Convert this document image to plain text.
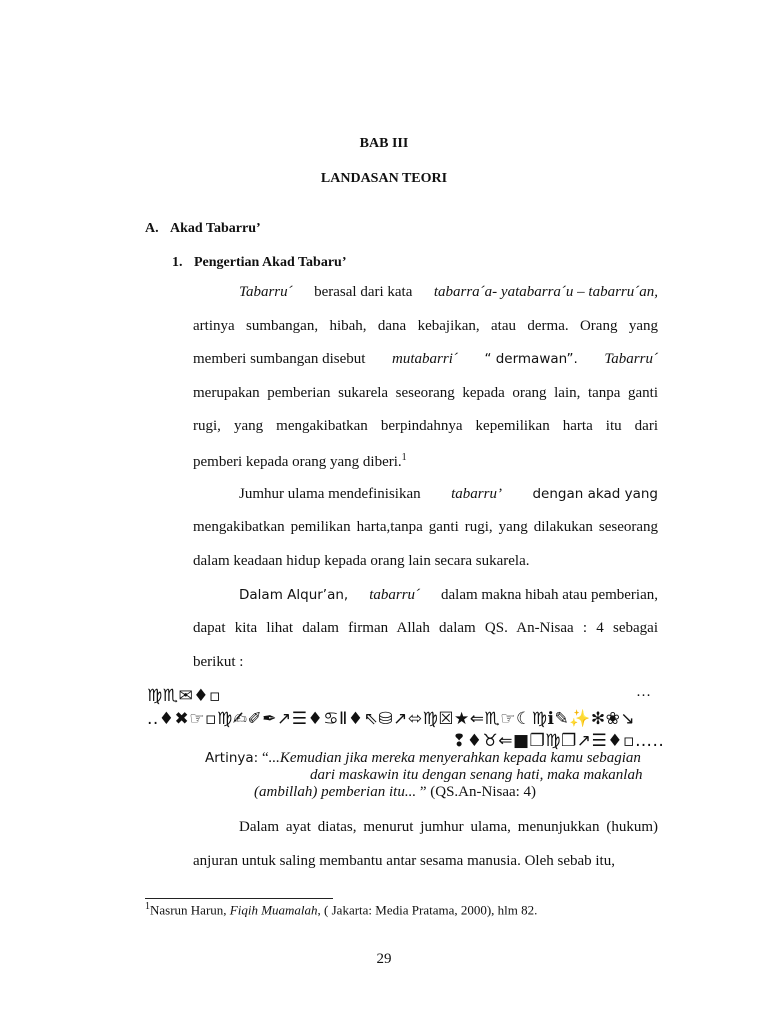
BAB III
LANDASAN TEORI
A. Akad Tabarru’
1. Pengertian Akad Tabaru’
Tabarru´ berasal dari kata tabarra´a- yatabarra´u – tabarru´an,
artinya sumbangan, hibah, dana kebajikan, atau derma. Orang yang
memberi sumbangan disebut mutabarri´ “ dermawan”. Tabarru´
merupakan pemberian sukarela seseorang kepada orang lain, tanpa ganti
rugi, yang mengakibatkan berpindahnya kepemilikan harta itu dari
pemberi kepada orang yang diberi.$^1$
Jumhur ulama mendefinisikan tabarru’ dengan akad yang
mengakibatkan pemilikan harta,tanpa ganti rugi, yang dilakukan seseorang
dalam keadaan hidup kepada orang lain secara sukarela.
Dalam Alqur’an, tabarru´ dalam makna hibah atau pemberian,
dapat kita lihat dalam firman Allah dalam QS. An-Nisaa : 4 sebagai
berikut :
♍♏✉♦▫	…
..♦✖☞▫♍✍✐✒↗☰♦♋Ⅱ♦⇖⛁↗⬄♍☒★⇐♏☞☾♍ℹ✎✨✻❀↘
❢♦♉⇐■❐♍❐↗☰♦▫…..
Artinya: “...Kemudian jika mereka menyerahkan kepada kamu sebagian
dari maskawin itu dengan senang hati, maka makanlah
(ambillah) pemberian itu... ” (QS.An-Nisaa: 4)
Dalam ayat diatas, menurut jumhur ulama, menunjukkan (hukum)
anjuran untuk saling membantu antar sesama manusia. Oleh sebab itu,
$^1$Nasrun Harun, Fiqih Muamalah, ( Jakarta: Media Pratama, 2000), hlm 82.
29
